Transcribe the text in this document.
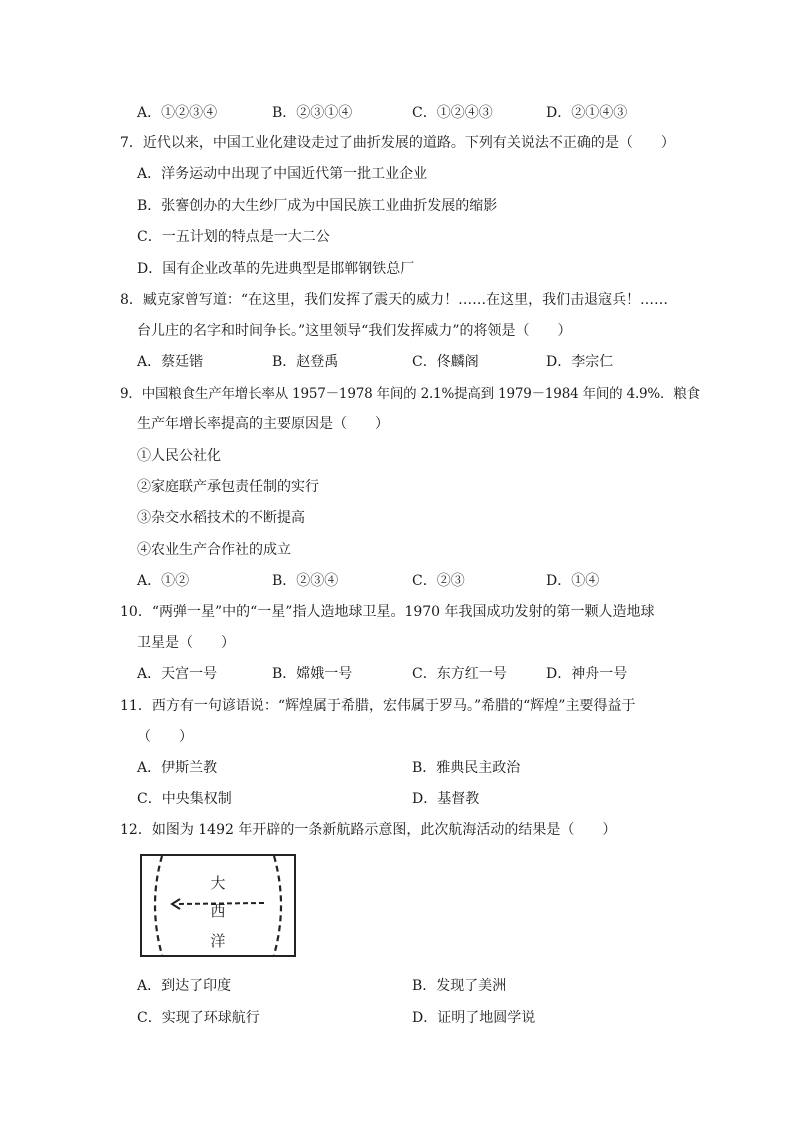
A．①②③④	B．②③①④	C．①②④③	D．②①④③
7．近代以来，中国工业化建设走过了曲折发展的道路。下列有关说法不正确的是（　　）
A．洋务运动中出现了中国近代第一批工业企业
B．张謇创办的大生纱厂成为中国民族工业曲折发展的缩影
C．一五计划的特点是一大二公
D．国有企业改革的先进典型是邯郸钢铁总厂
8．臧克家曾写道：“在这里，我们发挥了震天的威力！……在这里，我们击退寇兵！……
台儿庄的名字和时间争长。”这里领导“我们发挥威力”的将领是（　　）
A．蔡廷锴	B．赵登禹	C．佟麟阁	D．李宗仁
9．中国粮食生产年增长率从 1957－1978 年间的 2.1%提高到 1979－1984 年间的 4.9%．粮食
生产年增长率提高的主要原因是（　　）
①人民公社化
②家庭联产承包责任制的实行
③杂交水稻技术的不断提高
④农业生产合作社的成立
A．①②	B．②③④	C．②③	D．①④
10．“两弹一星”中的“一星”指人造地球卫星。1970 年我国成功发射的第一颗人造地球
卫星是（　　）
A．天宫一号	B．嫦娥一号	C．东方红一号	D．神舟一号
11．西方有一句谚语说：“辉煌属于希腊，宏伟属于罗马。”希腊的“辉煌”主要得益于
（　　）
A．伊斯兰教	B．雅典民主政治
C．中央集权制	D．基督教
12．如图为 1492 年开辟的一条新航路示意图，此次航海活动的结果是（　　）
大
西
洋
A．到达了印度	B．发现了美洲
C．实现了环球航行	D．证明了地圆学说
